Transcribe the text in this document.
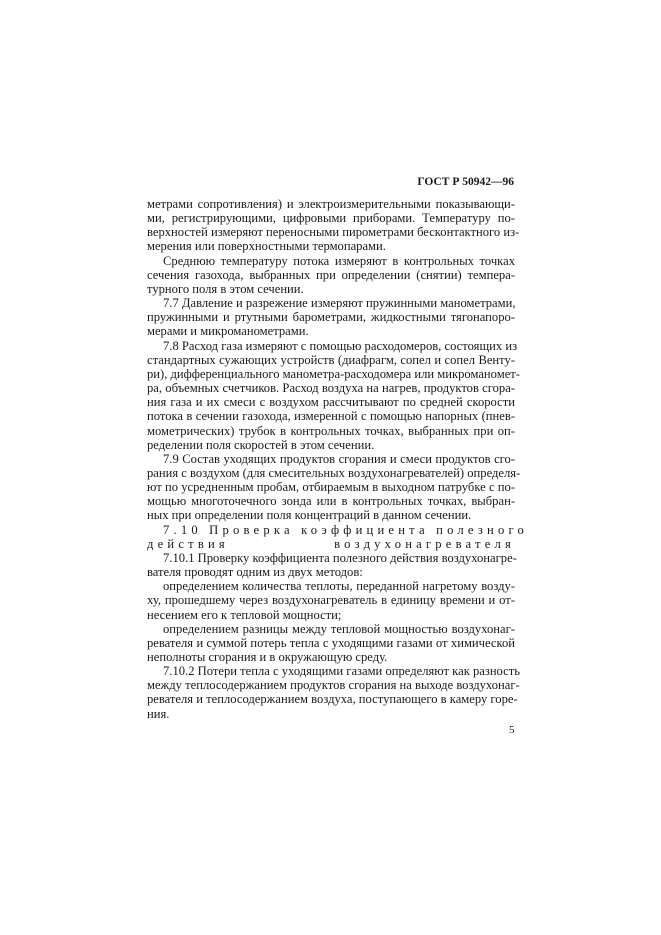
ГОСТ Р 50942—96
метрами сопротивления) и электроизмерительными показывающи-
ми, регистрирующими, цифровыми приборами. Температуру по-
верхностей измеряют переносными пирометрами бесконтактного из-
мерения или поверхностными термопарами.
Среднюю температуру потока измеряют в контрольных точках
сечения газохода, выбранных при определении (снятии) темпера-
турного поля в этом сечении.
7.7 Давление и разрежение измеряют пружинными манометрами,
пружинными и ртутными барометрами, жидкостными тягонапоро-
мерами и микроманометрами.
7.8 Расход газа измеряют с помощью расходомеров, состоящих из
стандартных сужающих устройств (диафрагм, сопел и сопел Венту-
ри), дифференциального манометра-расходомера или микроманомет-
ра, объемных счетчиков. Расход воздуха на нагрев, продуктов сгора-
ния газа и их смеси с воздухом рассчитывают по средней скорости
потока в сечении газохода, измеренной с помощью напорных (пнев-
мометрических) трубок в контрольных точках, выбранных при оп-
ределении поля скоростей в этом сечении.
7.9 Состав уходящих продуктов сгорания и смеси продуктов сго-
рания с воздухом (для смесительных воздухонагревателей) определя-
ют по усредненным пробам, отбираемым в выходном патрубке с по-
мощью многоточечного зонда или в контрольных точках, выбран-
ных при определении поля концентраций в данном сечении.
7.10 Проверка коэффициента полезного
действия воздухонагревателя
7.10.1 Проверку коэффициента полезного действия воздухонагре-
вателя проводят одним из двух методов:
определением количества теплоты, переданной нагретому возду-
ху, прошедшему через воздухонагреватель в единицу времени и от-
несением его к тепловой мощности;
определением разницы между тепловой мощностью воздухонаг-
ревателя и суммой потерь тепла с уходящими газами от химической
неполноты сгорания и в окружающую среду.
7.10.2 Потери тепла с уходящими газами определяют как разность
между теплосодержанием продуктов сгорания на выходе воздухонаг-
ревателя и теплосодержанием воздуха, поступающего в камеру горе-
ния.
5
